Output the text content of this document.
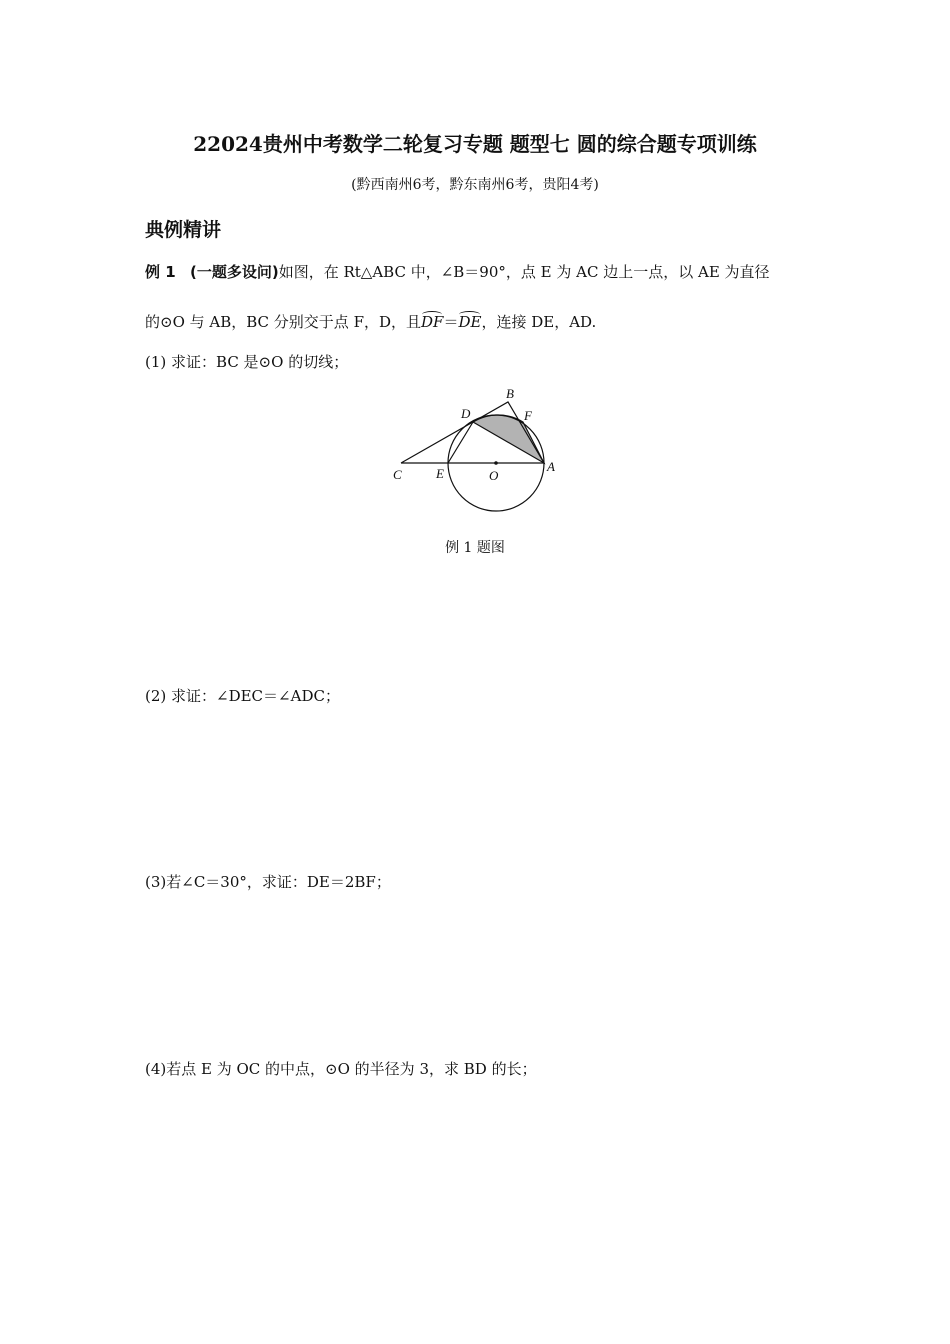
22024贵州中考数学二轮复习专题 题型七 圆的综合题专项训练
(黔西南州6考，黔东南州6考，贵阳4考)
典例精讲
例 1 (一题多设问)如图，在 Rt△ABC 中，∠B＝90°，点 E 为 AC 边上一点，以 AE 为直径
的⊙O 与 AB，BC 分别交于点 F，D，且DF＝DE，连接 DE，AD.
(1) 求证：BC 是⊙O 的切线；
A
B
C
D
E
F
O
例 1 题图
(2) 求证：∠DEC＝∠ADC；
(3)若∠C＝30°，求证：DE＝2BF；
(4)若点 E 为 OC 的中点，⊙O 的半径为 3，求 BD 的长；
